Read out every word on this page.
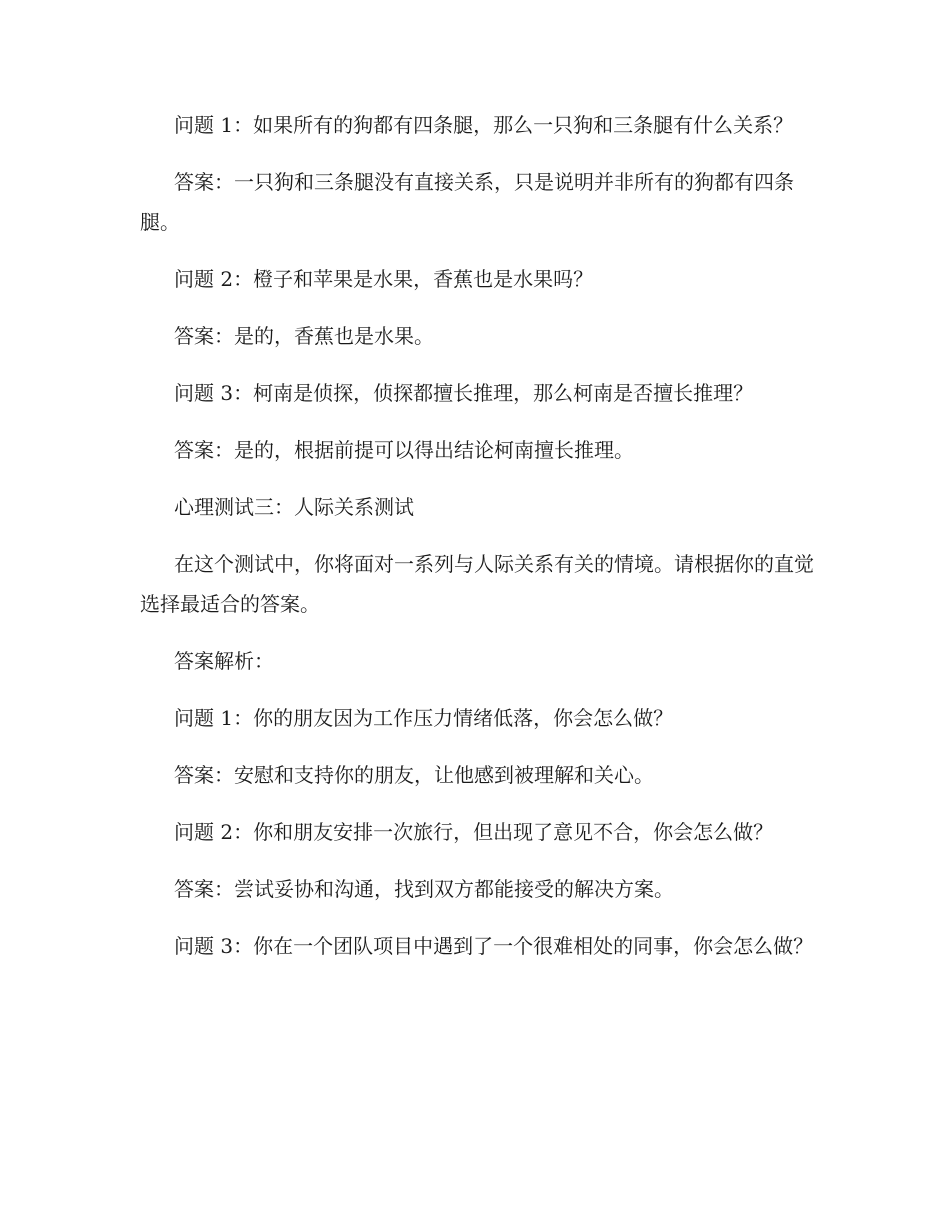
问题 1：如果所有的狗都有四条腿，那么一只狗和三条腿有什么关系？

答案：一只狗和三条腿没有直接关系，只是说明并非所有的狗都有四条腿。

问题 2：橙子和苹果是水果，香蕉也是水果吗？

答案：是的，香蕉也是水果。

问题 3：柯南是侦探，侦探都擅长推理，那么柯南是否擅长推理？

答案：是的，根据前提可以得出结论柯南擅长推理。

心理测试三：人际关系测试

在这个测试中，你将面对一系列与人际关系有关的情境。请根据你的直觉选择最适合的答案。

答案解析：

问题 1：你的朋友因为工作压力情绪低落，你会怎么做？

答案：安慰和支持你的朋友，让他感到被理解和关心。

问题 2：你和朋友安排一次旅行，但出现了意见不合，你会怎么做？

答案：尝试妥协和沟通，找到双方都能接受的解决方案。

问题 3：你在一个团队项目中遇到了一个很难相处的同事，你会怎么做？
